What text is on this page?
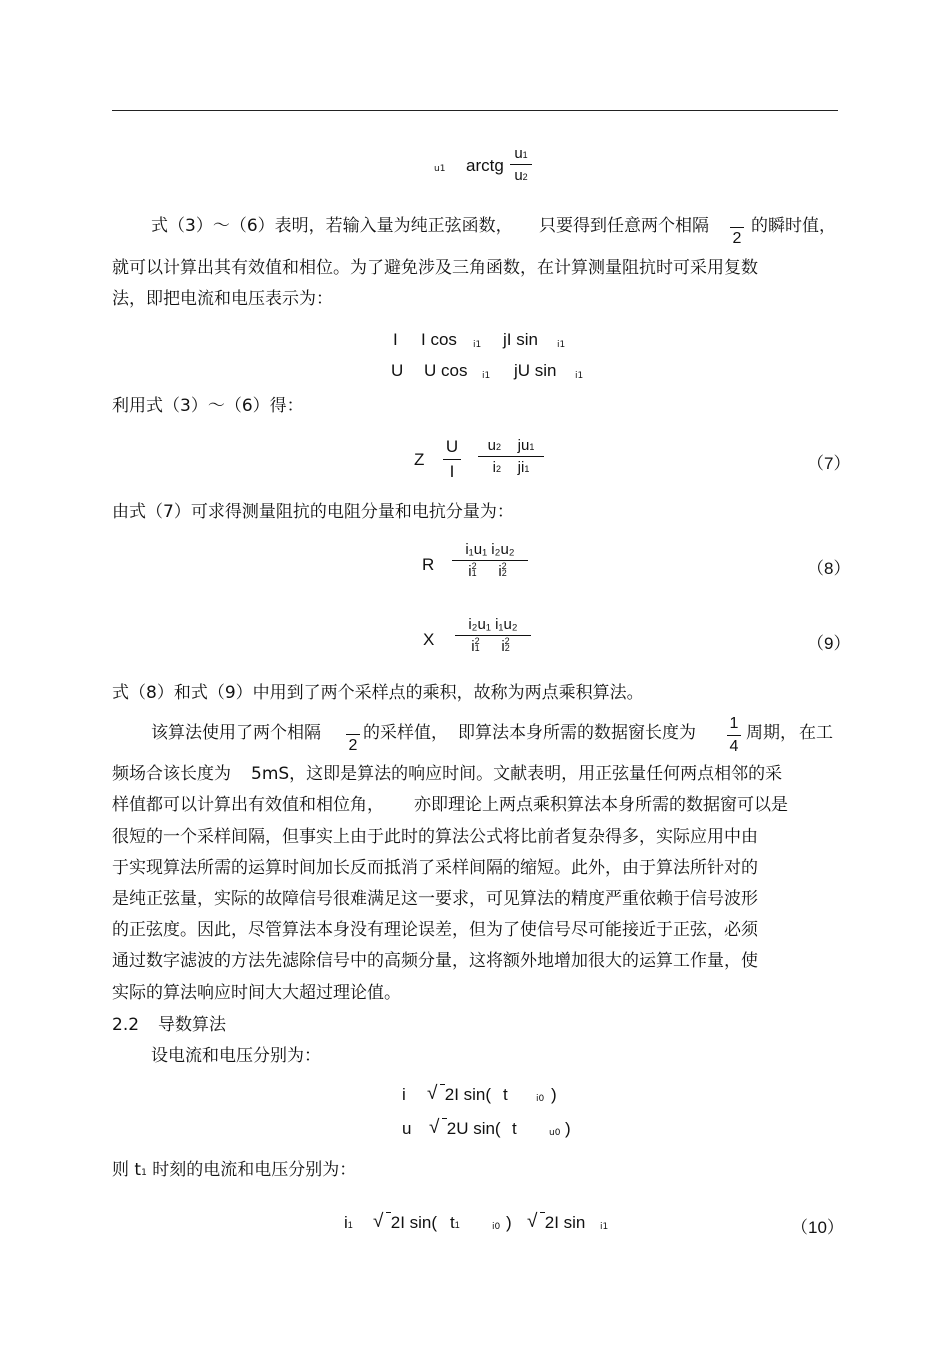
u1 arctg
u1
u2
式（3）～（6）表明，若输入量为纯正弦函数， 只要得到任意两个相隔
2
的瞬时值，
就可以计算出其有效值和相位。为了避免涉及三角函数，在计算测量阻抗时可采用复数
法，即把电流和电压表示为：
I I cos i1 jI sin i1
U U cos i1 jU sin i1
利用式（3）～（6）得：
Z
U
I
u2 ju1
i2 ji1	（7）
由式（7）可求得测量阻抗的电阻分量和电抗分量为：
R
i₁u₁ i₂u₂
$i^21$ $i^22$	（8）
X
i₂u₁ i₁u₂
$i^21$ $i^22$	（9）
式（8）和式（9）中用到了两个采样点的乘积，故称为两点乘积算法。
该算法使用了两个相隔
2
的采样值， 即算法本身所需的数据窗长度为 1
4
周期， 在工
频场合该长度为 5mS，这即是算法的响应时间。文献表明，用正弦量任何两点相邻的采
样值都可以计算出有效值和相位角， 亦即理论上两点乘积算法本身所需的数据窗可以是
很短的一个采样间隔，但事实上由于此时的算法公式将比前者复杂得多，实际应用中由
于实现算法所需的运算时间加长反而抵消了采样间隔的缩短。此外，由于算法所针对的
是纯正弦量，实际的故障信号很难满足这一要求，可见算法的精度严重依赖于信号波形
的正弦度。因此，尽管算法本身没有理论误差，但为了使信号尽可能接近于正弦，必须
通过数字滤波的方法先滤除信号中的高频分量，这将额外地增加很大的运算工作量，使
实际的算法响应时间大大超过理论值。
2.2 导数算法
设电流和电压分别为：
i √	2I sin( t	i0 )
u √	2U sin( t	u0 )
则 t1 时刻的电流和电压分别为：
i1 √	2I sin( t1	i0 ) √	2I sin i1	（10）
